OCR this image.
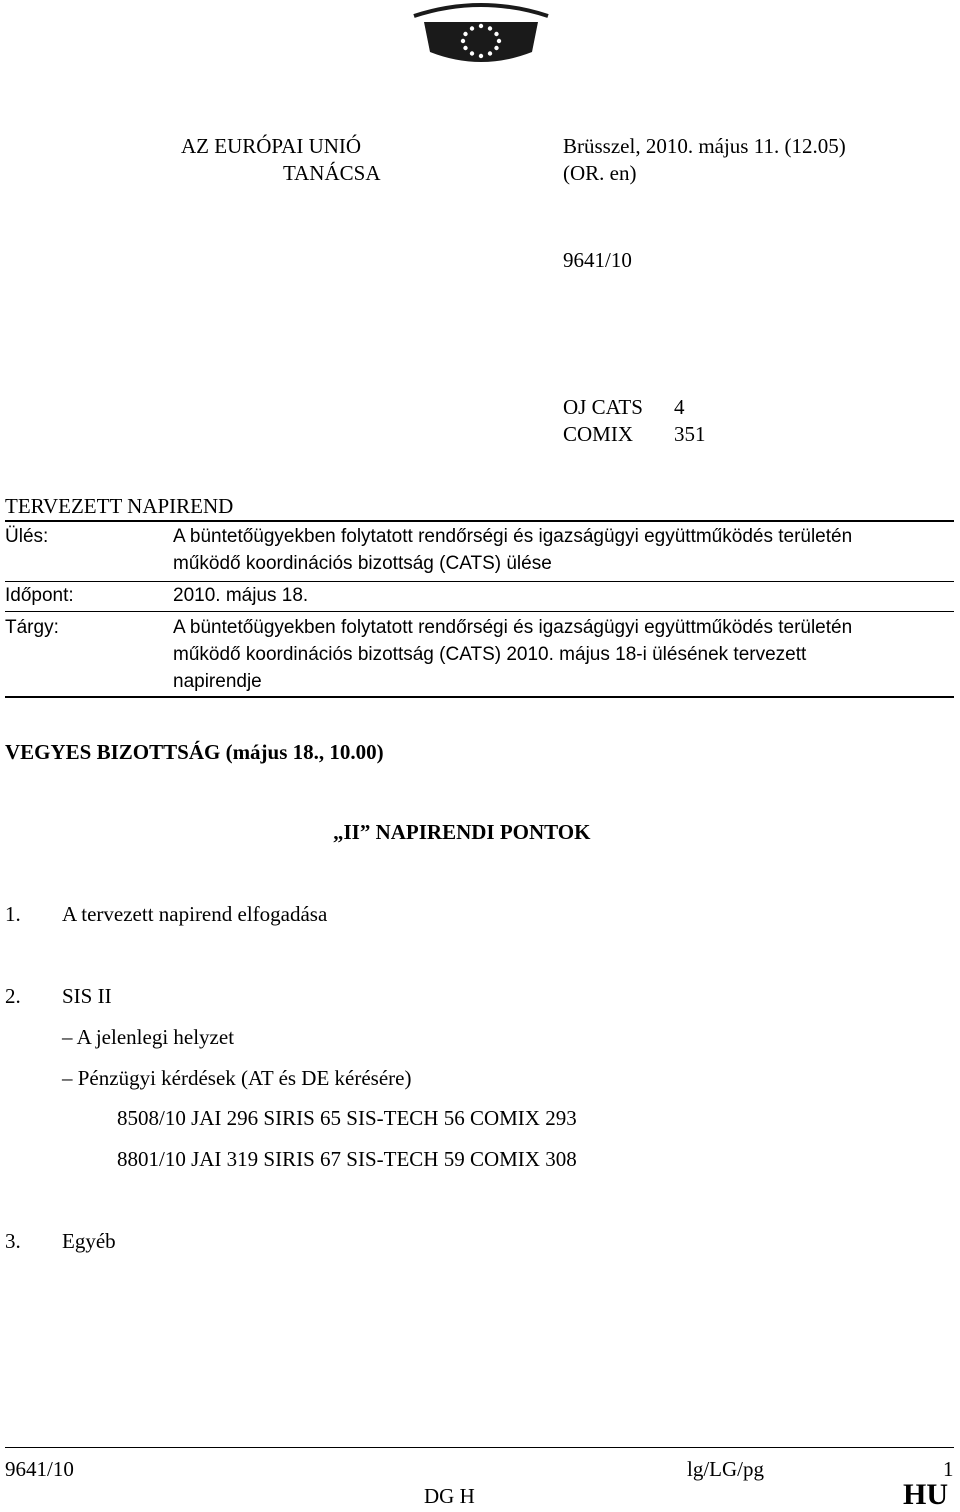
AZ EURÓPAI UNIÓ
TANÁCSA
Brüsszel, 2010. május 11. (12.05)
(OR. en)
9641/10
OJ CATS 4
COMIX 351
TERVEZETT NAPIREND
Ülés:	A büntetőügyekben folytatott rendőrségi és igazságügyi együttműködés területén
működő koordinációs bizottság (CATS) ülése
Időpont:	2010. május 18.
Tárgy:	A büntetőügyekben folytatott rendőrségi és igazságügyi együttműködés területén
működő koordinációs bizottság (CATS) 2010. május 18-i ülésének tervezett
napirendje
VEGYES BIZOTTSÁG (május 18., 10.00)
„II” NAPIRENDI PONTOK
1. A tervezett napirend elfogadása
2. SIS II
– A jelenlegi helyzet
– Pénzügyi kérdések (AT és DE kérésére)
8508/10 JAI 296 SIRIS 65 SIS-TECH 56 COMIX 293
8801/10 JAI 319 SIRIS 67 SIS-TECH 59 COMIX 308
3. Egyéb
9641/10	lg/LG/pg	1
DG H	HU
